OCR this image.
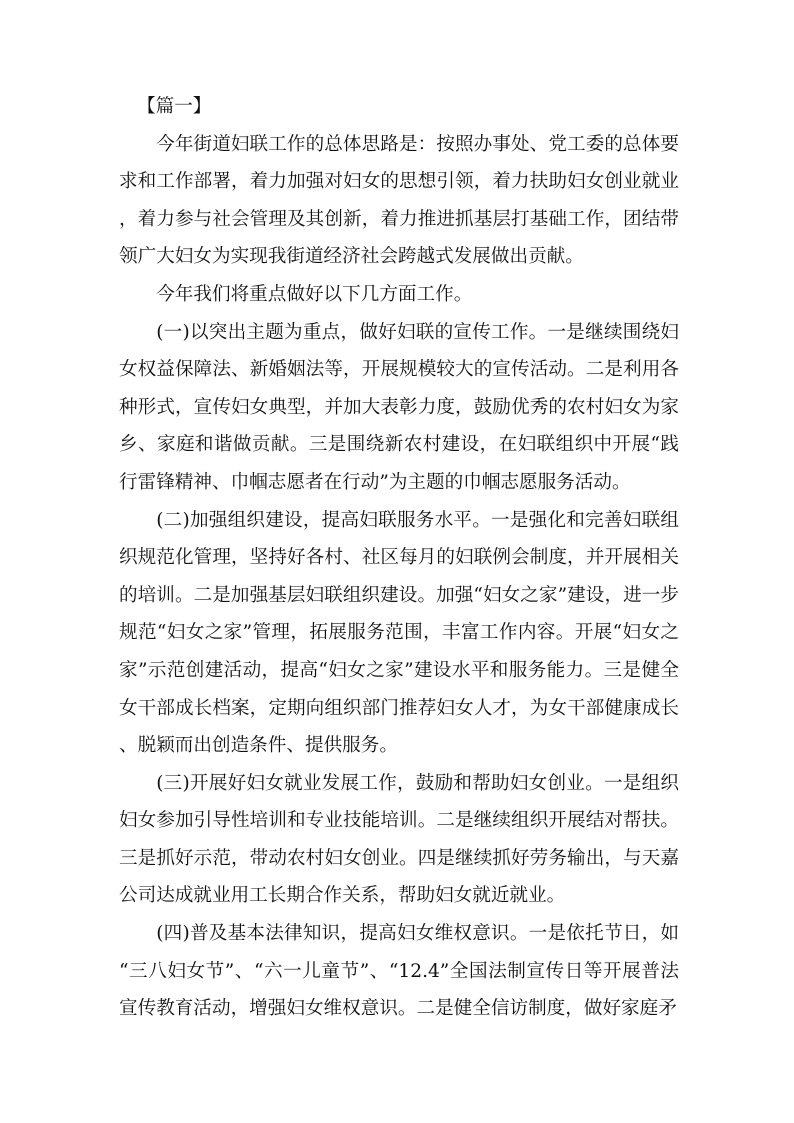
【篇一】

今年街道妇联工作的总体思路是：按照办事处、党工委的总体要求和工作部署，着力加强对妇女的思想引领，着力扶助妇女创业就业，着力参与社会管理及其创新，着力推进抓基层打基础工作，团结带领广大妇女为实现我街道经济社会跨越式发展做出贡献。

今年我们将重点做好以下几方面工作。

(一)以突出主题为重点，做好妇联的宣传工作。一是继续围绕妇女权益保障法、新婚姻法等，开展规模较大的宣传活动。二是利用各种形式，宣传妇女典型，并加大表彰力度，鼓励优秀的农村妇女为家乡、家庭和谐做贡献。三是围绕新农村建设，在妇联组织中开展“践行雷锋精神、巾帼志愿者在行动”为主题的巾帼志愿服务活动。

(二)加强组织建设，提高妇联服务水平。一是强化和完善妇联组织规范化管理，坚持好各村、社区每月的妇联例会制度，并开展相关的培训。二是加强基层妇联组织建设。加强“妇女之家”建设，进一步规范“妇女之家”管理，拓展服务范围，丰富工作内容。开展“妇女之家”示范创建活动，提高“妇女之家”建设水平和服务能力。三是健全女干部成长档案，定期向组织部门推荐妇女人才，为女干部健康成长、脱颖而出创造条件、提供服务。

(三)开展好妇女就业发展工作，鼓励和帮助妇女创业。一是组织妇女参加引导性培训和专业技能培训。二是继续组织开展结对帮扶。三是抓好示范，带动农村妇女创业。四是继续抓好劳务输出，与天嘉公司达成就业用工长期合作关系，帮助妇女就近就业。

(四)普及基本法律知识，提高妇女维权意识。一是依托节日，如“三八妇女节”、“六一儿童节”、“12.4”全国法制宣传日等开展普法宣传教育活动，增强妇女维权意识。二是健全信访制度，做好家庭矛
